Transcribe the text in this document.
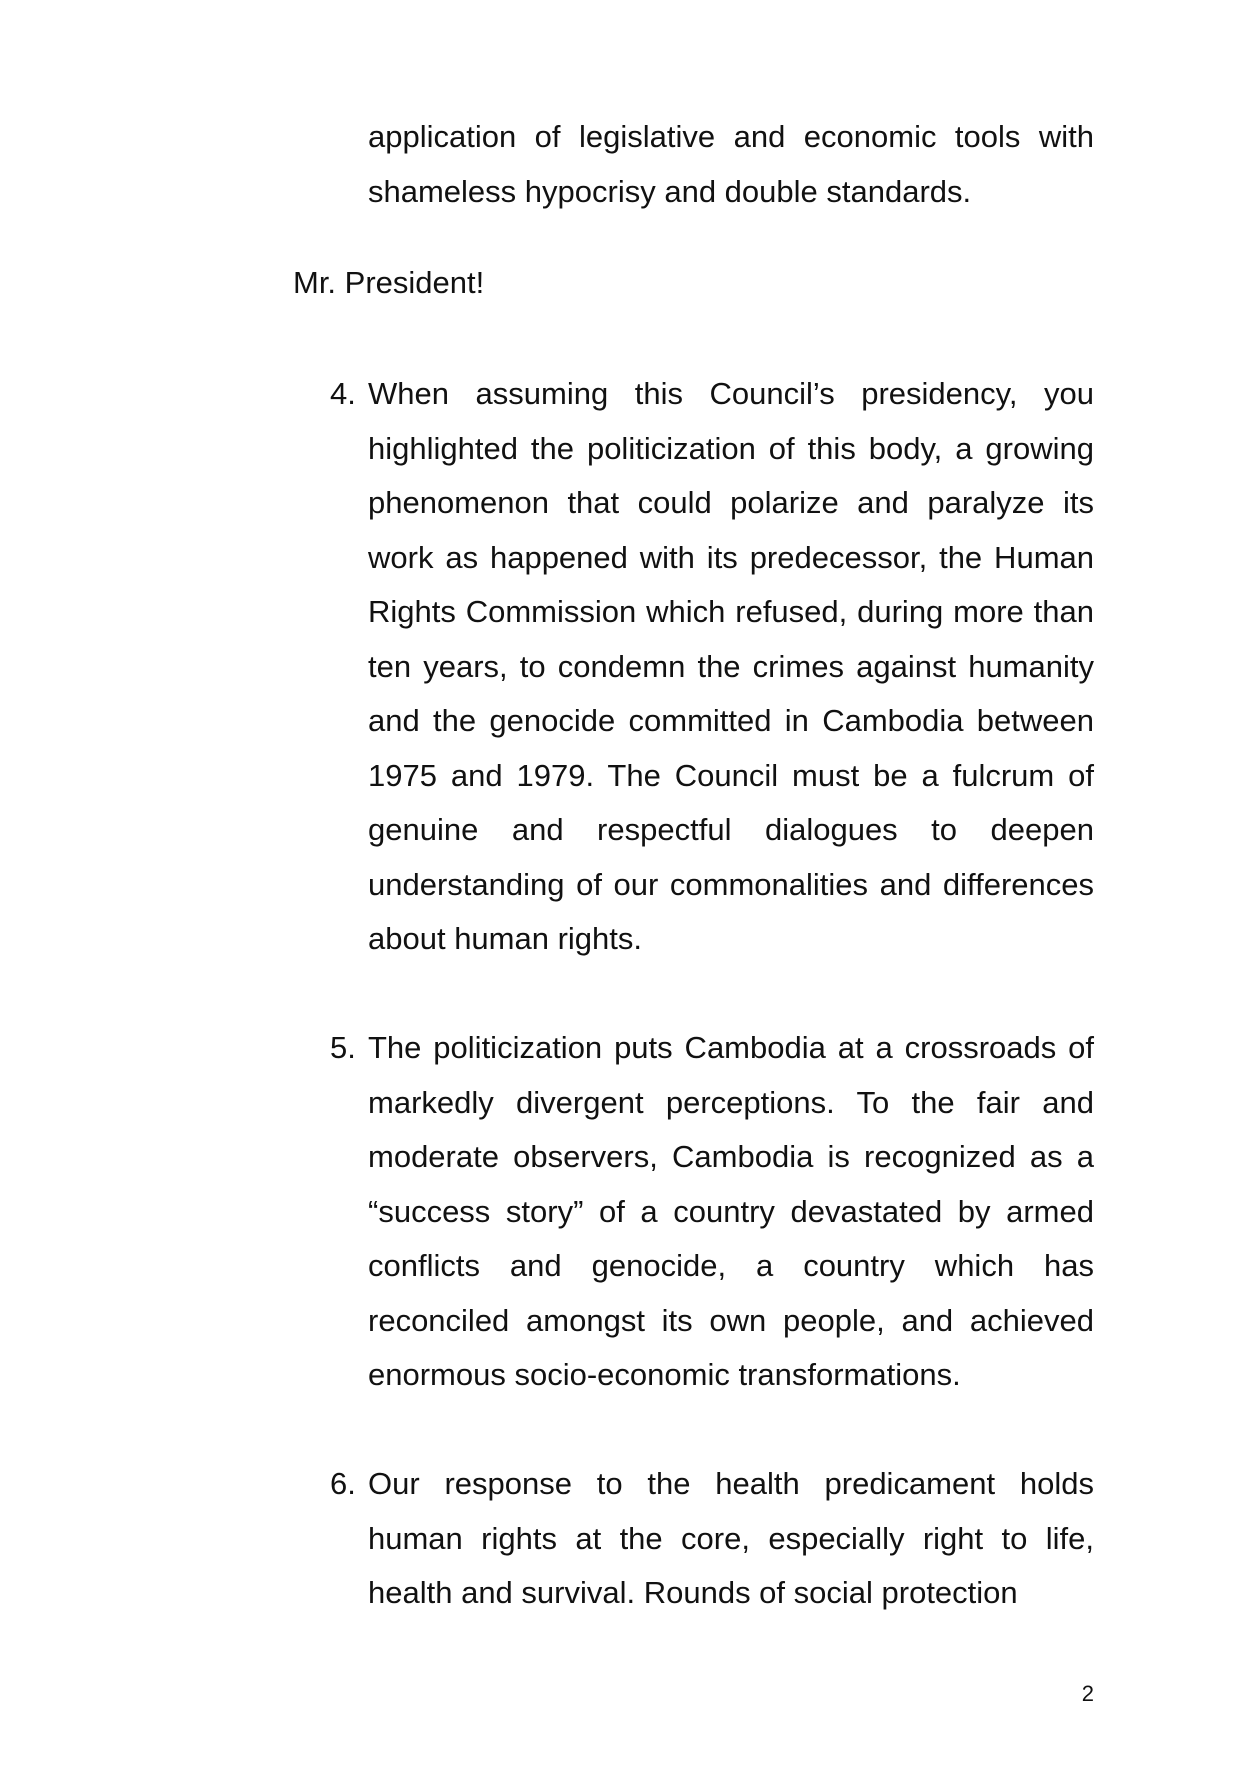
application of legislative and economic tools with shameless hypocrisy and double standards.
Mr. President!
4. When assuming this Council’s presidency, you highlighted the politicization of this body, a growing phenomenon that could polarize and paralyze its work as happened with its predecessor, the Human Rights Commission which refused, during more than ten years, to condemn the crimes against humanity and the genocide committed in Cambodia between 1975 and 1979. The Council must be a fulcrum of genuine and respectful dialogues to deepen understanding of our commonalities and differences about human rights.
5. The politicization puts Cambodia at a crossroads of markedly divergent perceptions. To the fair and moderate observers, Cambodia is recognized as a “success story” of a country devastated by armed conflicts and genocide, a country which has reconciled amongst its own people, and achieved enormous socio-economic transformations.
6. Our response to the health predicament holds human rights at the core, especially right to life, health and survival. Rounds of social protection
2
